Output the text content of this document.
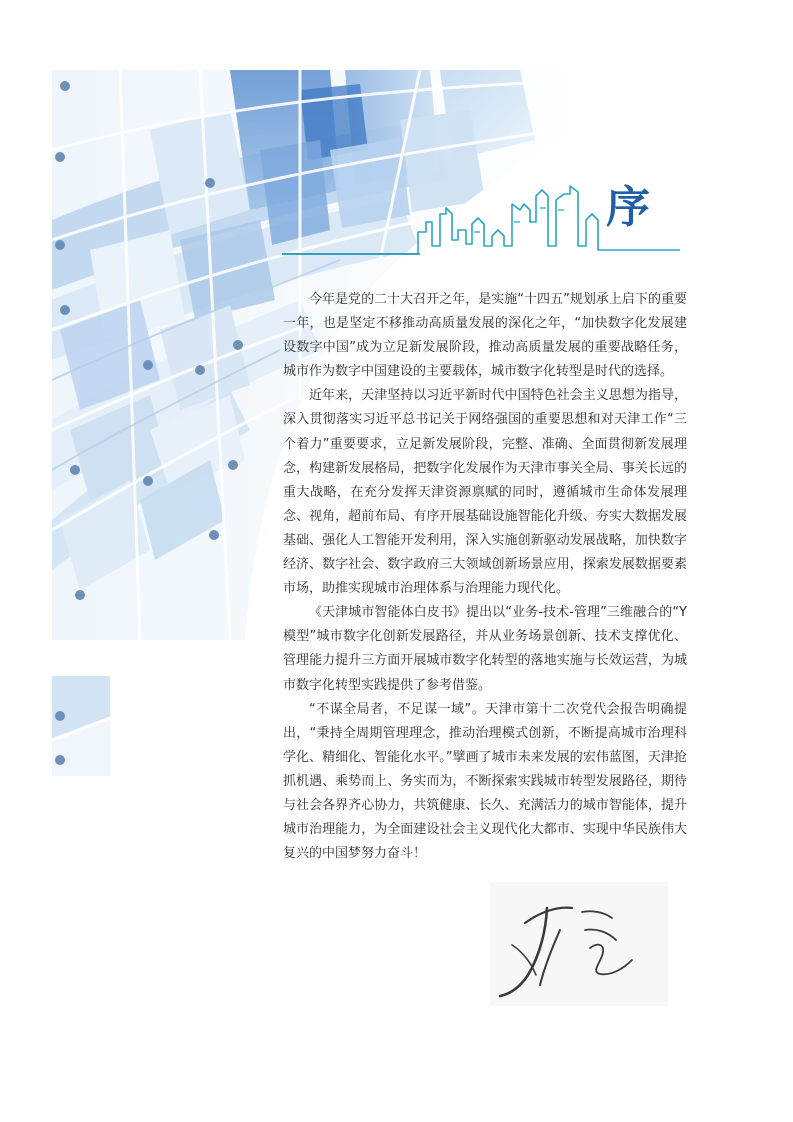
序

今年是党的二十大召开之年，是实施“十四五”规划承上启下的重要一年，也是坚定不移推动高质量发展的深化之年，“加快数字化发展建设数字中国”成为立足新发展阶段，推动高质量发展的重要战略任务，城市作为数字中国建设的主要载体，城市数字化转型是时代的选择。

近年来，天津坚持以习近平新时代中国特色社会主义思想为指导，深入贯彻落实习近平总书记关于网络强国的重要思想和对天津工作“三个着力”重要要求，立足新发展阶段，完整、准确、全面贯彻新发展理念，构建新发展格局，把数字化发展作为天津市事关全局、事关长远的重大战略，在充分发挥天津资源禀赋的同时，遵循城市生命体发展理念、视角，超前布局、有序开展基础设施智能化升级、夯实大数据发展基础、强化人工智能开发利用，深入实施创新驱动发展战略，加快数字经济、数字社会、数字政府三大领域创新场景应用，探索发展数据要素市场，助推实现城市治理体系与治理能力现代化。

《天津城市智能体白皮书》提出以“业务-技术-管理”三维融合的“Y模型”城市数字化创新发展路径，并从业务场景创新、技术支撑优化、管理能力提升三方面开展城市数字化转型的落地实施与长效运营，为城市数字化转型实践提供了参考借鉴。

“不谋全局者，不足谋一域”。天津市第十二次党代会报告明确提出，“秉持全周期管理理念，推动治理模式创新，不断提高城市治理科学化、精细化、智能化水平。”擘画了城市未来发展的宏伟蓝图，天津抢抓机遇、乘势而上、务实而为，不断探索实践城市转型发展路径，期待与社会各界齐心协力，共筑健康、长久、充满活力的城市智能体，提升城市治理能力，为全面建设社会主义现代化大都市、实现中华民族伟大复兴的中国梦努力奋斗！
